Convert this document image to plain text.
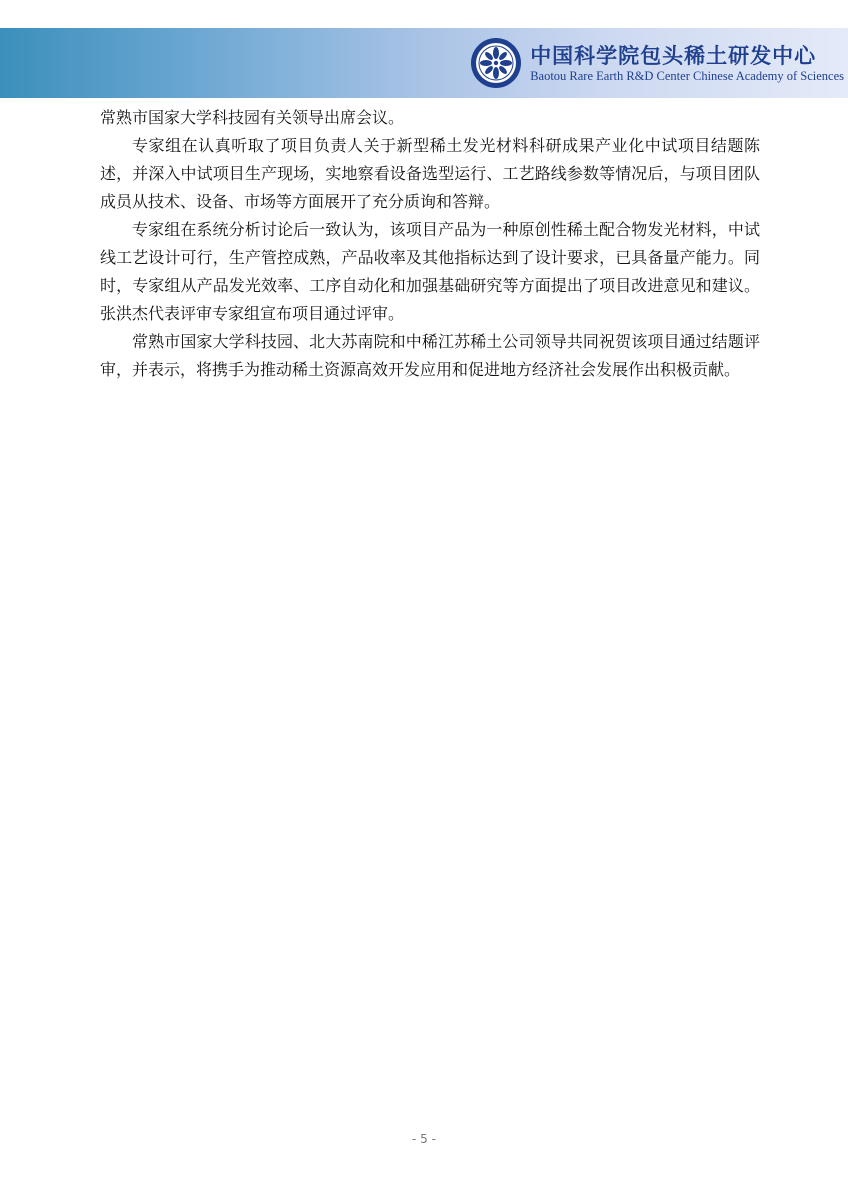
中国科学院包头稀土研发中心
Baotou Rare Earth R&D Center Chinese Academy of Sciences

常熟市国家大学科技园有关领导出席会议。

专家组在认真听取了项目负责人关于新型稀土发光材料科研成果产业化中试项目结题陈述，并深入中试项目生产现场，实地察看设备选型运行、工艺路线参数等情况后，与项目团队成员从技术、设备、市场等方面展开了充分质询和答辩。

专家组在系统分析讨论后一致认为，该项目产品为一种原创性稀土配合物发光材料，中试线工艺设计可行，生产管控成熟，产品收率及其他指标达到了设计要求，已具备量产能力。同时，专家组从产品发光效率、工序自动化和加强基础研究等方面提出了项目改进意见和建议。张洪杰代表评审专家组宣布项目通过评审。

常熟市国家大学科技园、北大苏南院和中稀江苏稀土公司领导共同祝贺该项目通过结题评审，并表示，将携手为推动稀土资源高效开发应用和促进地方经济社会发展作出积极贡献。

- 5 -
